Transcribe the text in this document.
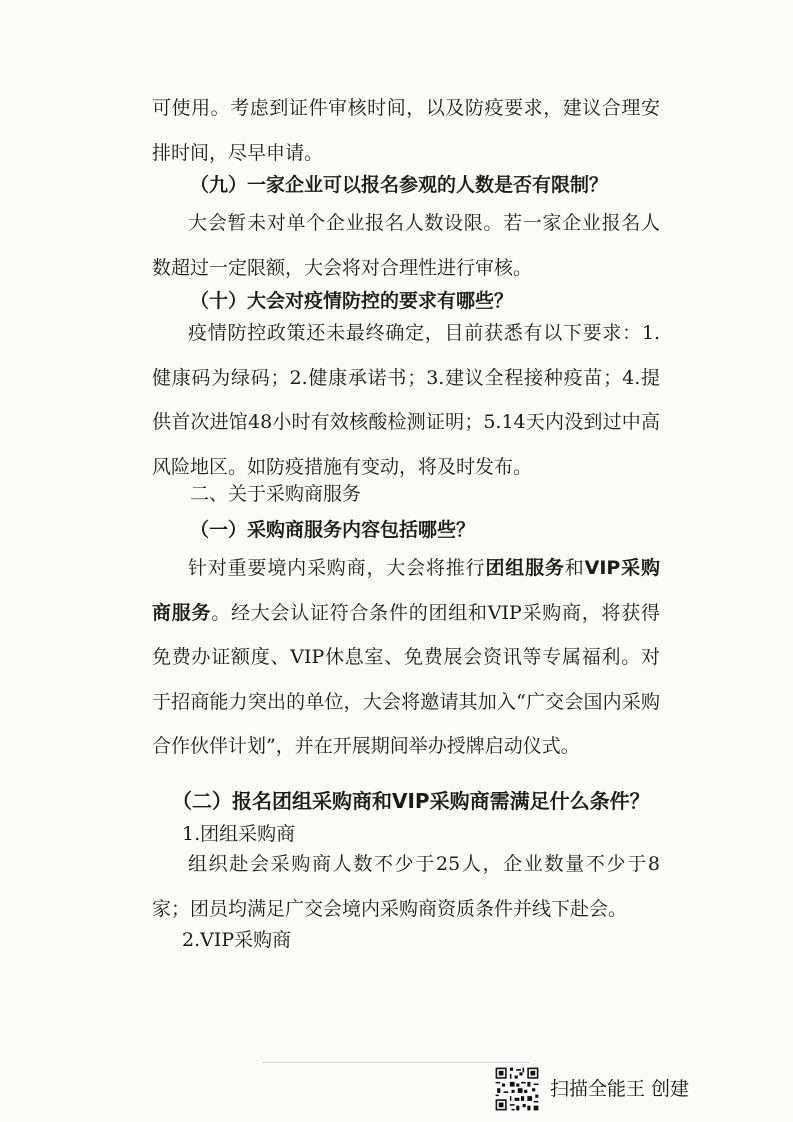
可使用。考虑到证件审核时间，以及防疫要求，建议合理安排时间，尽早申请。

（九）一家企业可以报名参观的人数是否有限制？

大会暂未对单个企业报名人数设限。若一家企业报名人数超过一定限额，大会将对合理性进行审核。

（十）大会对疫情防控的要求有哪些？

疫情防控政策还未最终确定，目前获悉有以下要求：1.健康码为绿码；2.健康承诺书；3.建议全程接种疫苗；4.提供首次进馆48小时有效核酸检测证明；5.14天内没到过中高风险地区。如防疫措施有变动，将及时发布。

二、关于采购商服务

（一）采购商服务内容包括哪些？

针对重要境内采购商，大会将推行团组服务和VIP采购商服务。经大会认证符合条件的团组和VIP采购商，将获得免费办证额度、VIP休息室、免费展会资讯等专属福利。对于招商能力突出的单位，大会将邀请其加入“广交会国内采购合作伙伴计划”，并在开展期间举办授牌启动仪式。

（二）报名团组采购商和VIP采购商需满足什么条件？

1.团组采购商

组织赴会采购商人数不少于25人，企业数量不少于8家；团员均满足广交会境内采购商资质条件并线下赴会。

2.VIP采购商

扫描全能王 创建
